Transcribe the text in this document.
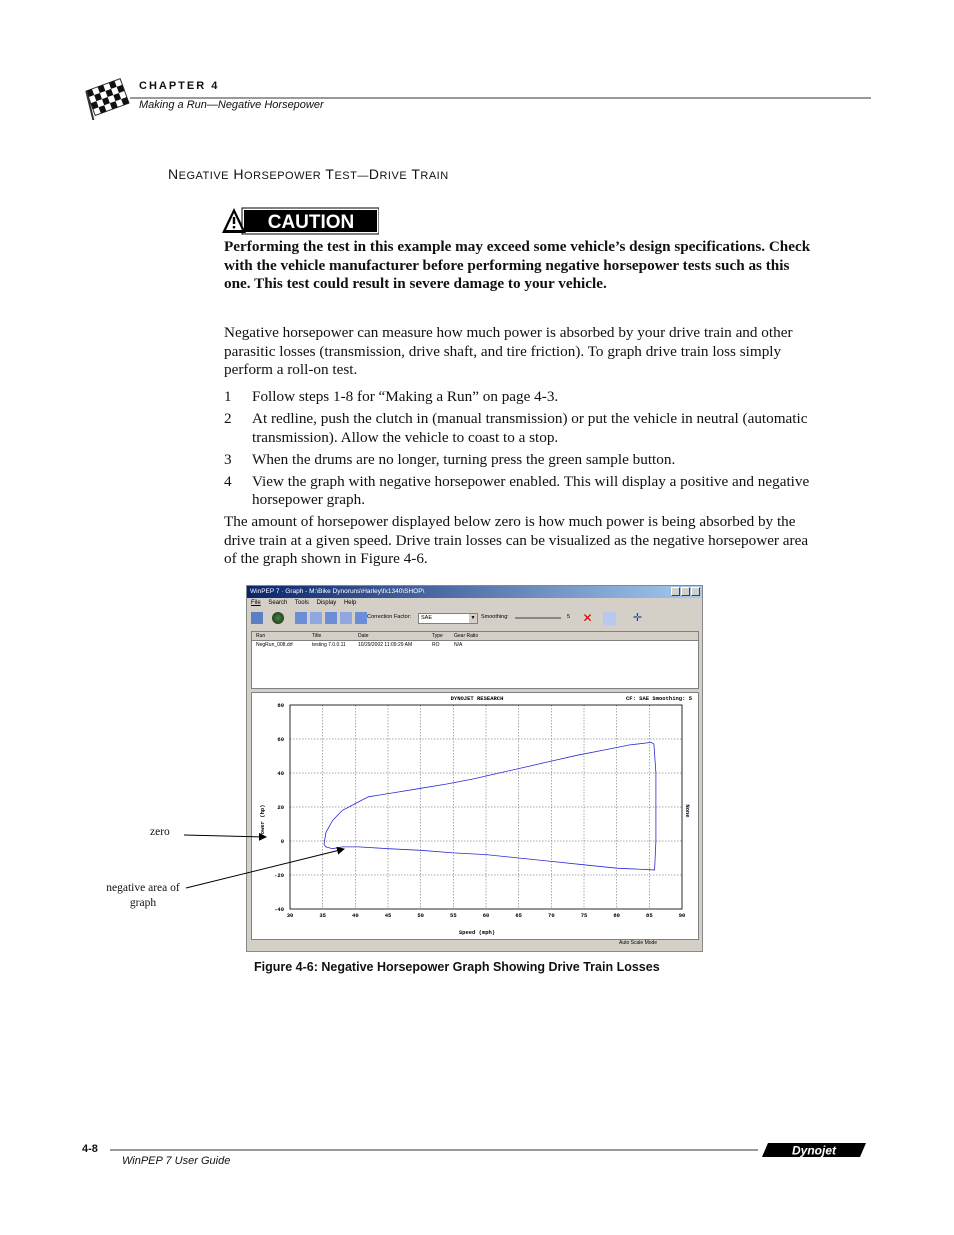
CHAPTER 4
Making a Run—Negative Horsepower
NEGATIVE HORSEPOWER TEST—DRIVE TRAIN
CAUTION
Performing the test in this example may exceed some vehicle’s design specifications. Check with the vehicle manufacturer before performing negative horsepower tests such as this one. This test could result in severe damage to your vehicle.
Negative horsepower can measure how much power is absorbed by your drive train and other parasitic losses (transmission, drive shaft, and tire friction). To graph drive train loss simply perform a roll-on test.
1	Follow steps 1-8 for “Making a Run” on page 4-3.
2	At redline, push the clutch in (manual transmission) or put the vehicle in neutral (automatic transmission). Allow the vehicle to coast to a stop.
3	When the drums are no longer, turning press the green sample button.
4	View the graph with negative horsepower enabled. This will display a positive and negative horsepower graph.
The amount of horsepower displayed below zero is how much power is being absorbed by the drive train at a given speed. Drive train losses can be visualized as the negative horsepower area of the graph shown in Figure 4-6.
WinPEP 7 · Graph - M:\Bike Dynoruns\Harley\fx1340\SHOP\
File Search Tools Display Help
Correction Factor:	SAE	▼ Smoothing:	5 ✕	✛
Run	Title	Date	Type	Gear Ratio
NegRun_008.drf	testing 7.0.0.11	10/29/2002 11:09:29 AM	RO	N/A
DYNOJET RESEARCH	CF: SAE Smoothing: 5
30	35	40	45	50	55	60	65	70	75	80	85	90
80
60
40
20
0
-20
-40
Speed (mph)
Power (hp)	None
Auto Scale Mode
zero
negative area of
graph
Figure 4-6: Negative Horsepower Graph Showing Drive Train Losses
4-8
WinPEP 7 User Guide
Dynojet
